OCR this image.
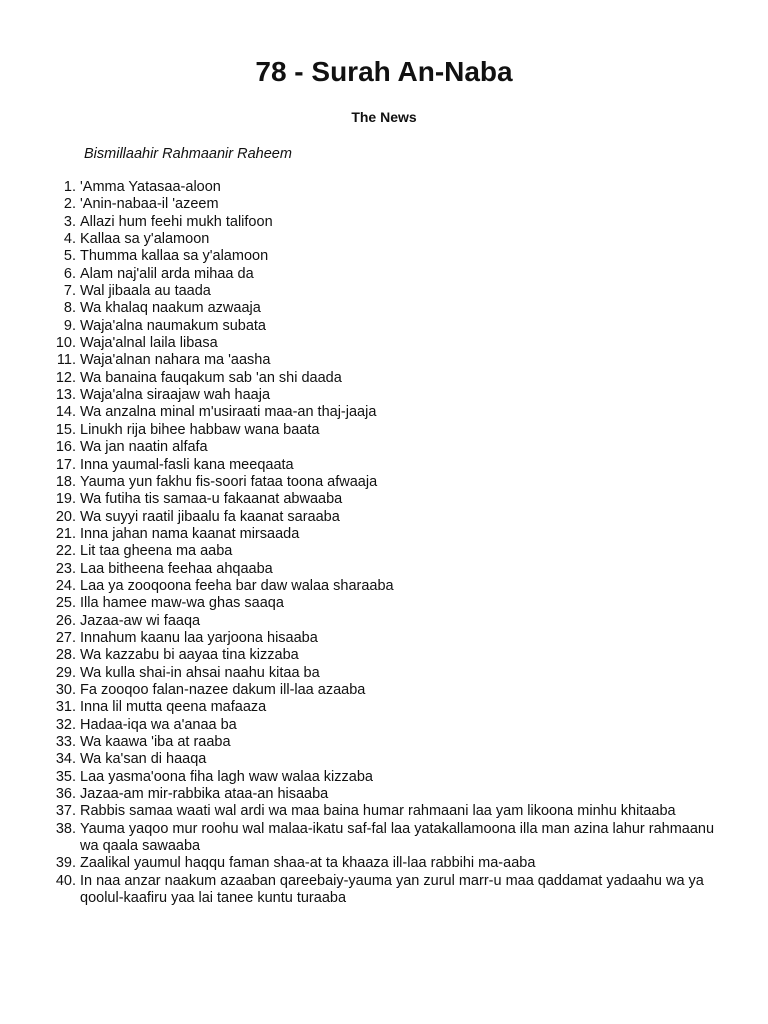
78 - Surah An-Naba
The News

Bismillaahir Rahmaanir Raheem

1. 'Amma Yatasaa-aloon
2. 'Anin-nabaa-il 'azeem
3. Allazi hum feehi mukh talifoon
4. Kallaa sa y'alamoon
5. Thumma kallaa sa y'alamoon
6. Alam naj'alil arda mihaa da
7. Wal jibaala au taada
8. Wa khalaq naakum azwaaja
9. Waja'alna naumakum subata
10. Waja'alnal laila libasa
11. Waja'alnan nahara ma 'aasha
12. Wa banaina fauqakum sab 'an shi daada
13. Waja'alna siraajaw wah haaja
14. Wa anzalna minal m'usiraati maa-an thaj-jaaja
15. Linukh rija bihee habbaw wana baata
16. Wa jan naatin alfafa
17. Inna yaumal-fasli kana meeqaata
18. Yauma yun fakhu fis-soori fataa toona afwaaja
19. Wa futiha tis samaa-u fakaanat abwaaba
20. Wa suyyi raatil jibaalu fa kaanat saraaba
21. Inna jahan nama kaanat mirsaada
22. Lit taa gheena ma aaba
23. Laa bitheena feehaa ahqaaba
24. Laa ya zooqoona feeha bar daw walaa sharaaba
25. Illa hamee maw-wa ghas saaqa
26. Jazaa-aw wi faaqa
27. Innahum kaanu laa yarjoona hisaaba
28. Wa kazzabu bi aayaa tina kizzaba
29. Wa kulla shai-in ahsai naahu kitaa ba
30. Fa zooqoo falan-nazee dakum ill-laa azaaba
31. Inna lil mutta qeena mafaaza
32. Hadaa-iqa wa a'anaa ba
33. Wa kaawa 'iba at raaba
34. Wa ka'san di haaqa
35. Laa yasma'oona fiha lagh waw walaa kizzaba
36. Jazaa-am mir-rabbika ataa-an hisaaba
37. Rabbis samaa waati wal ardi wa maa baina humar rahmaani laa yam likoona minhu khitaaba
38. Yauma yaqoo mur roohu wal malaa-ikatu saf-fal laa yatakallamoona illa man azina lahur rahmaanu wa qaala sawaaba
39. Zaalikal yaumul haqqu faman shaa-at ta khaaza ill-laa rabbihi ma-aaba
40. In naa anzar naakum azaaban qareebaiy-yauma yan zurul marr-u maa qaddamat yadaahu wa ya qoolul-kaafiru yaa lai tanee kuntu turaaba
